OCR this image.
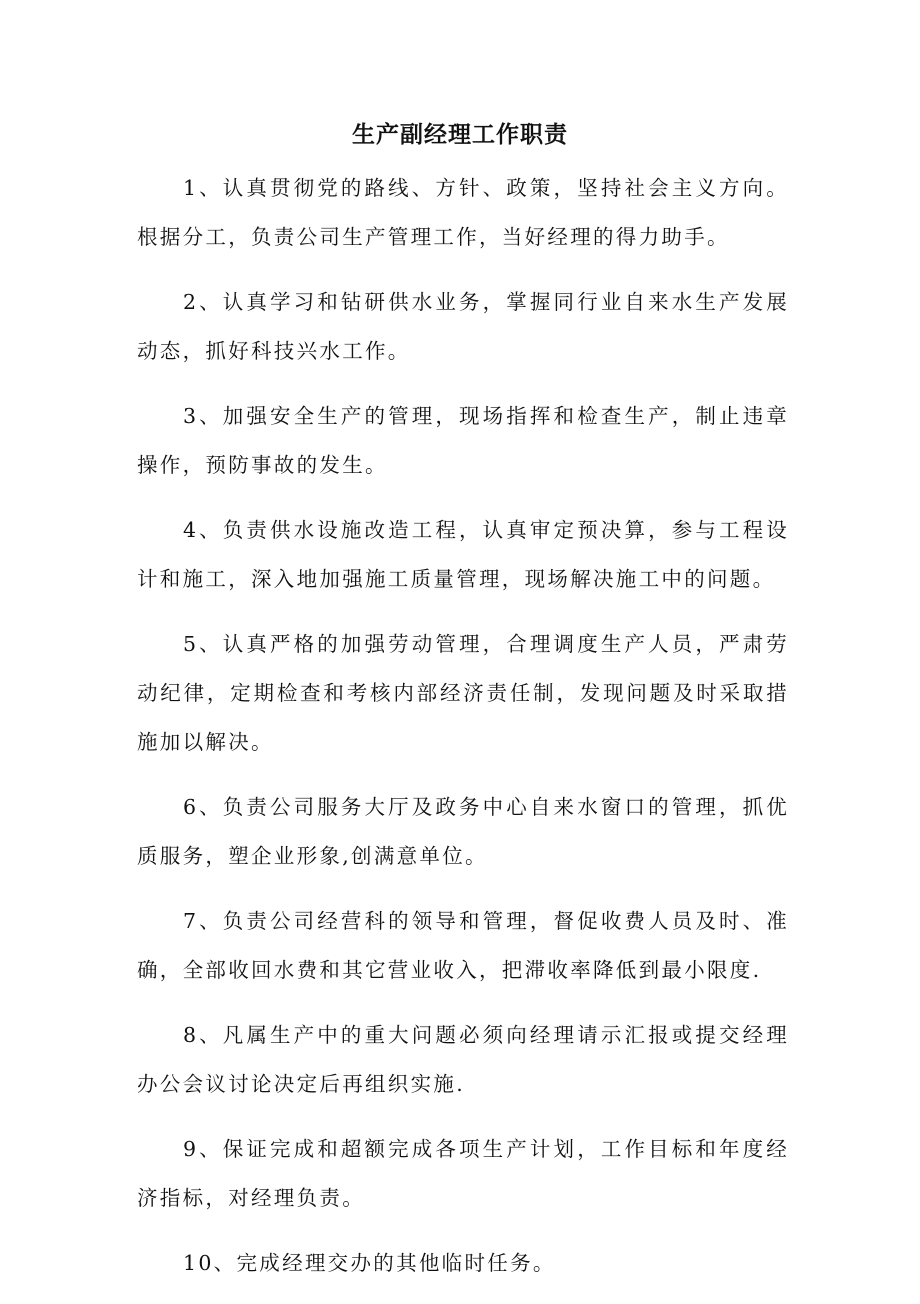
生产副经理工作职责

1、认真贯彻党的路线、方针、政策，坚持社会主义方向。根据分工，负责公司生产管理工作，当好经理的得力助手。

2、认真学习和钻研供水业务，掌握同行业自来水生产发展动态，抓好科技兴水工作。

3、加强安全生产的管理，现场指挥和检查生产，制止违章操作，预防事故的发生。

4、负责供水设施改造工程，认真审定预决算，参与工程设计和施工，深入地加强施工质量管理，现场解决施工中的问题。

5、认真严格的加强劳动管理，合理调度生产人员，严肃劳动纪律，定期检查和考核内部经济责任制，发现问题及时采取措施加以解决。

6、负责公司服务大厅及政务中心自来水窗口的管理，抓优质服务，塑企业形象,创满意单位。

7、负责公司经营科的领导和管理，督促收费人员及时、准确，全部收回水费和其它营业收入，把滞收率降低到最小限度.

8、凡属生产中的重大问题必须向经理请示汇报或提交经理办公会议讨论决定后再组织实施.

9、保证完成和超额完成各项生产计划，工作目标和年度经济指标，对经理负责。

10、完成经理交办的其他临时任务。
